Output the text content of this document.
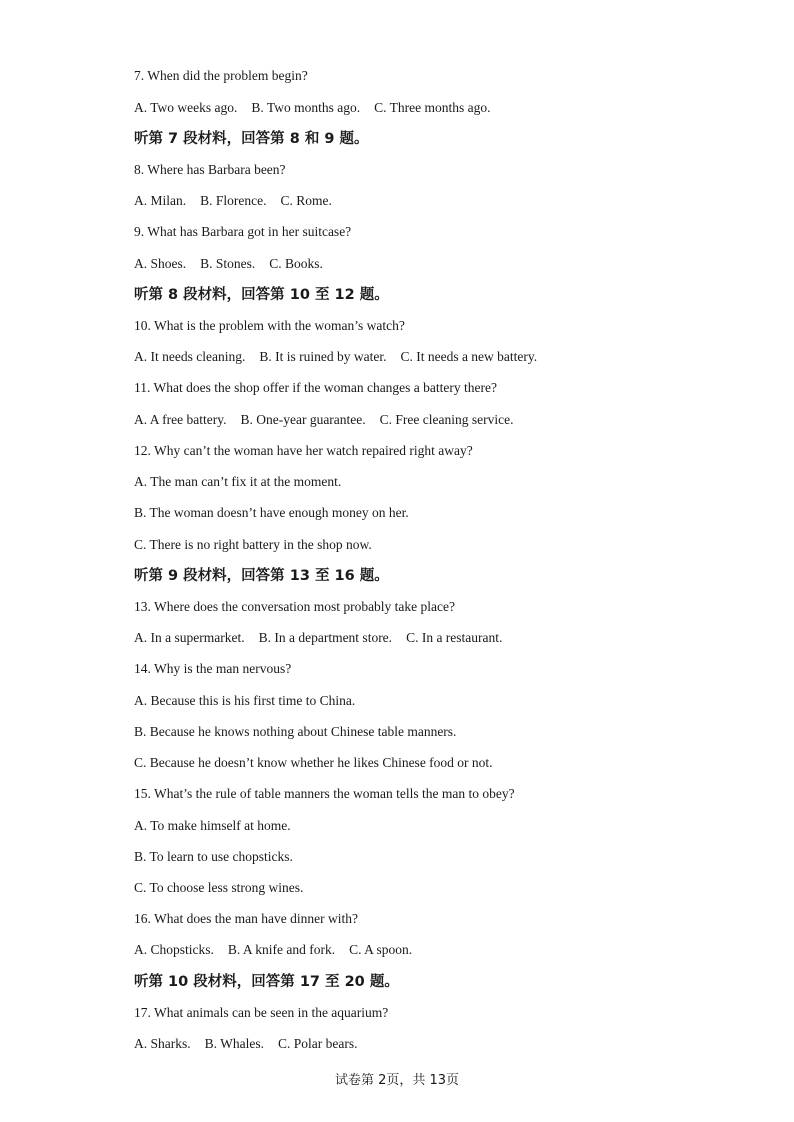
7. When did the problem begin?
A. Two weeks ago. B. Two months ago. C. Three months ago.
听第 7 段材料，回答第 8 和 9 题。
8. Where has Barbara been?
A. Milan. B. Florence. C. Rome.
9. What has Barbara got in her suitcase?
A. Shoes. B. Stones. C. Books.
听第 8 段材料，回答第 10 至 12 题。
10. What is the problem with the woman’s watch?
A. It needs cleaning. B. It is ruined by water. C. It needs a new battery.
11. What does the shop offer if the woman changes a battery there?
A. A free battery. B. One-year guarantee. C. Free cleaning service.
12. Why can’t the woman have her watch repaired right away?
A. The man can’t fix it at the moment.
B. The woman doesn’t have enough money on her.
C. There is no right battery in the shop now.
听第 9 段材料，回答第 13 至 16 题。
13. Where does the conversation most probably take place?
A. In a supermarket. B. In a department store. C. In a restaurant.
14. Why is the man nervous?
A. Because this is his first time to China.
B. Because he knows nothing about Chinese table manners.
C. Because he doesn’t know whether he likes Chinese food or not.
15. What’s the rule of table manners the woman tells the man to obey?
A. To make himself at home.
B. To learn to use chopsticks.
C. To choose less strong wines.
16. What does the man have dinner with?
A. Chopsticks. B. A knife and fork. C. A spoon.
听第 10 段材料，回答第 17 至 20 题。
17. What animals can be seen in the aquarium?
A. Sharks. B. Whales. C. Polar bears.
试卷第 2页，共 13页
